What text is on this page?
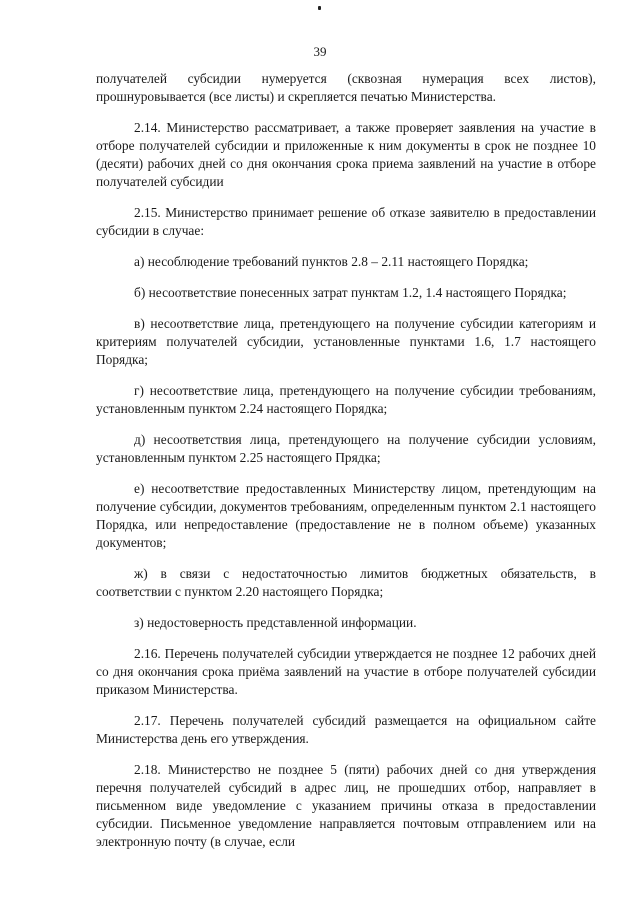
39

получателей субсидии нумеруется (сквозная нумерация всех листов), прошнуровывается (все листы) и скрепляется печатью Министерства.

2.14. Министерство рассматривает, а также проверяет заявления на участие в отборе получателей субсидии и приложенные к ним документы в срок не позднее 10 (десяти) рабочих дней со дня окончания срока приема заявлений на участие в отборе получателей субсидии

2.15. Министерство принимает решение об отказе заявителю в предоставлении субсидии в случае:

а) несоблюдение требований пунктов 2.8 – 2.11 настоящего Порядка;

б) несоответствие понесенных затрат пунктам 1.2, 1.4 настоящего Порядка;

в) несоответствие лица, претендующего на получение субсидии категориям и критериям получателей субсидии, установленные пунктами 1.6, 1.7 настоящего Порядка;

г) несоответствие лица, претендующего на получение субсидии требованиям, установленным пунктом 2.24 настоящего Порядка;

д) несоответствия лица, претендующего на получение субсидии условиям, установленным пунктом 2.25 настоящего Прядка;

е) несоответствие предоставленных Министерству лицом, претендующим на получение субсидии, документов требованиям, определенным пунктом 2.1 настоящего Порядка, или непредоставление (предоставление не в полном объеме) указанных документов;

ж) в связи с недостаточностью лимитов бюджетных обязательств, в соответствии с пунктом 2.20 настоящего Порядка;

з) недостоверность представленной информации.

2.16. Перечень получателей субсидии утверждается не позднее 12 рабочих дней со дня окончания срока приёма заявлений на участие в отборе получателей субсидии приказом Министерства.

2.17. Перечень получателей субсидий размещается на официальном сайте Министерства день его утверждения.

2.18. Министерство не позднее 5 (пяти) рабочих дней со дня утверждения перечня получателей субсидий в адрес лиц, не прошедших отбор, направляет в письменном виде уведомление с указанием причины отказа в предоставлении субсидии. Письменное уведомление направляется почтовым отправлением или на электронную почту (в случае, если
